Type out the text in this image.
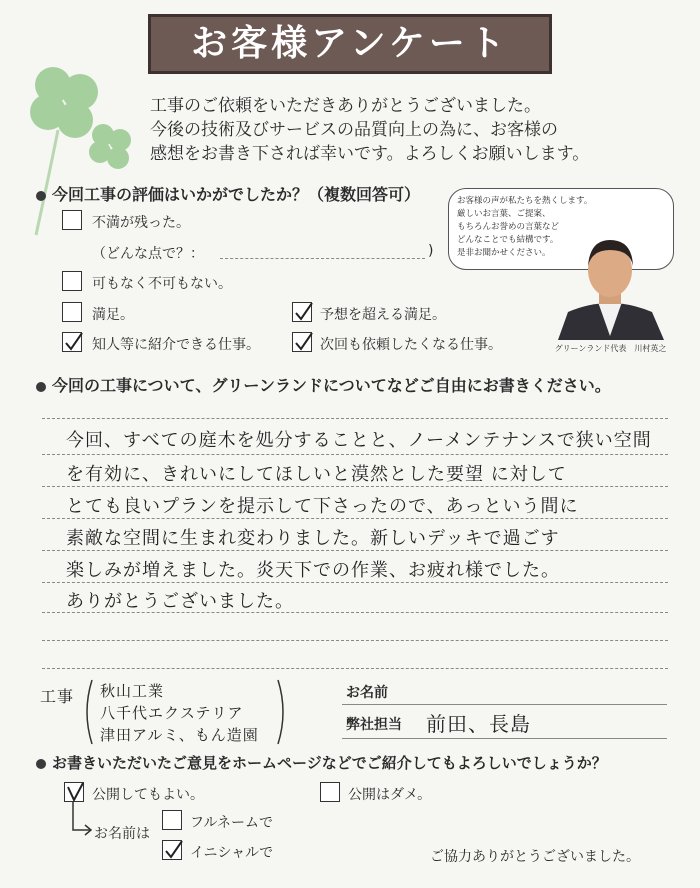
お客様アンケート
工事のご依頼をいただきありがとうございました。
今後の技術及びサービスの品質向上の為に、お客様の
感想をお書き下されば幸いです。よろしくお願いします。
今回工事の評価はいかがでしたか？（複数回答可）
不満が残った。
（どんな点で？：	)
可もなく不可もない。
満足。	予想を超える満足。
知人等に紹介できる仕事。	次回も依頼したくなる仕事。
お客様の声が私たちを熱くします。
厳しいお言葉、ご提案、
もちろんお誉めの言葉など
どんなことでも結構です。
是非お聞かせください。
グリーンランド代表　川村英之
今回の工事について、グリーンランドについてなどご自由にお書きください。
今回、すべての庭木を処分することと、ノーメンテナンスで狭い空間
を有効に、きれいにしてほしいと漠然とした要望 に対して
とても良いプランを提示して下さったので、あっという間に
素敵な空間に生まれ変わりました。新しいデッキで過ごす
楽しみが増えました。炎天下での作業、お疲れ様でした。
ありがとうございました。
工事 秋山工業
八千代エクステリア
津田アルミ、もん造園
お名前
弊社担当 前田、長島
お書きいただいたご意見をホームページなどでご紹介してもよろしいでしょうか？
公開してもよい。	公開はダメ。
お名前は
フルネームで
イニシャルで	ご協力ありがとうございました。
